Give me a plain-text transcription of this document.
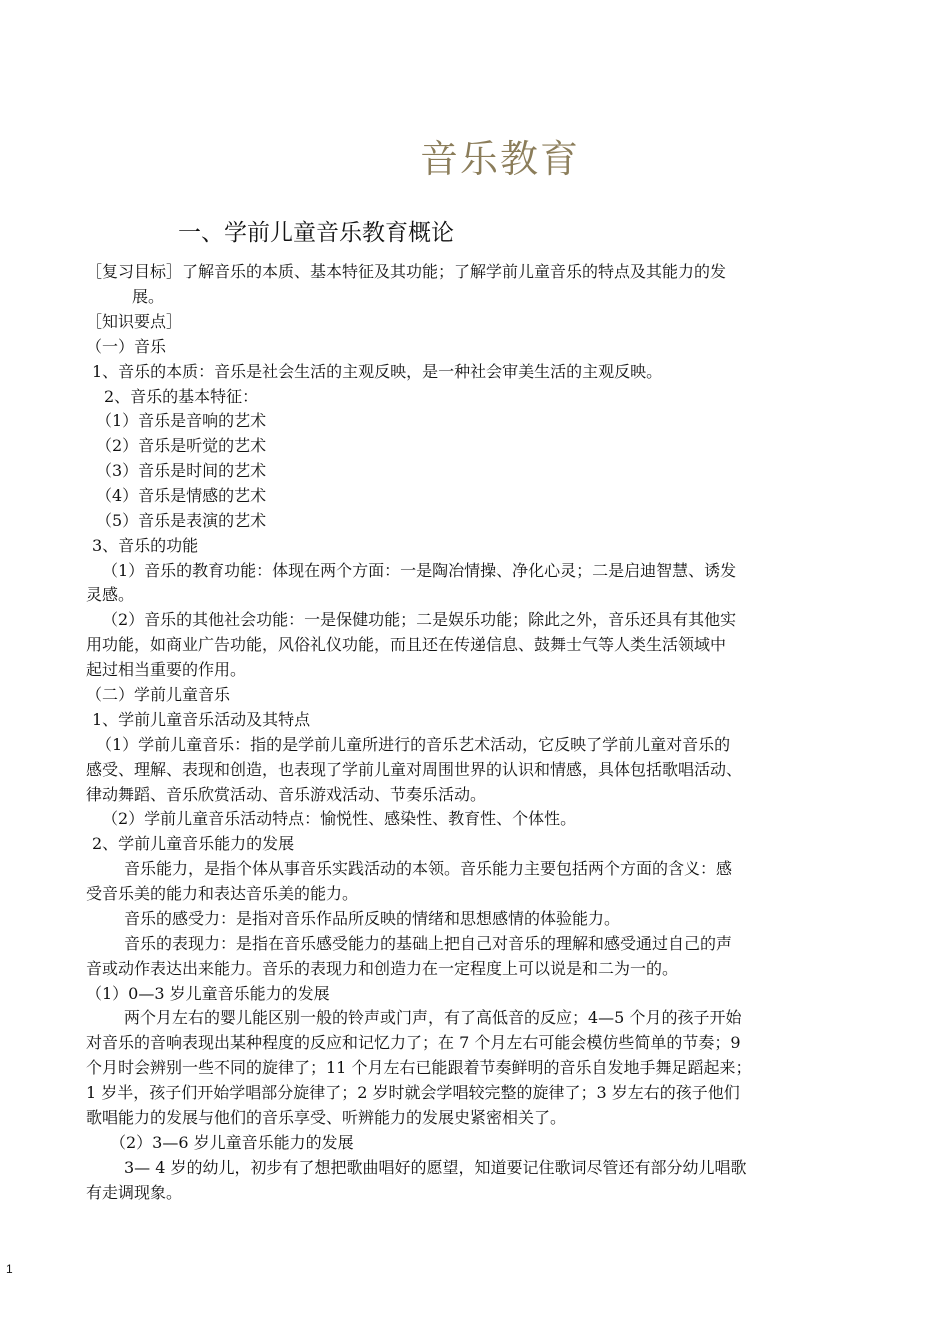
音乐教育
一、学前儿童音乐教育概论
［复习目标］了解音乐的本质、基本特征及其功能；了解学前儿童音乐的特点及其能力的发
展。
［知识要点］
（一）音乐
1、音乐的本质：音乐是社会生活的主观反映，是一种社会审美生活的主观反映。
2、音乐的基本特征：
（1）音乐是音响的艺术
（2）音乐是听觉的艺术
（3）音乐是时间的艺术
（4）音乐是情感的艺术
（5）音乐是表演的艺术
3、音乐的功能
（1）音乐的教育功能：体现在两个方面：一是陶冶情操、净化心灵；二是启迪智慧、诱发
灵感。
（2）音乐的其他社会功能：一是保健功能；二是娱乐功能；除此之外，音乐还具有其他实
用功能，如商业广告功能，风俗礼仪功能，而且还在传递信息、鼓舞士气等人类生活领域中
起过相当重要的作用。
（二）学前儿童音乐
1、学前儿童音乐活动及其特点
（1）学前儿童音乐：指的是学前儿童所进行的音乐艺术活动，它反映了学前儿童对音乐的
感受、理解、表现和创造，也表现了学前儿童对周围世界的认识和情感，具体包括歌唱活动、
律动舞蹈、音乐欣赏活动、音乐游戏活动、节奏乐活动。
（2）学前儿童音乐活动特点：愉悦性、感染性、教育性、个体性。
2、学前儿童音乐能力的发展
音乐能力，是指个体从事音乐实践活动的本领。音乐能力主要包括两个方面的含义：感
受音乐美的能力和表达音乐美的能力。
音乐的感受力：是指对音乐作品所反映的情绪和思想感情的体验能力。
音乐的表现力：是指在音乐感受能力的基础上把自己对音乐的理解和感受通过自己的声
音或动作表达出来能力。音乐的表现力和创造力在一定程度上可以说是和二为一的。
（1）0—3 岁儿童音乐能力的发展
两个月左右的婴儿能区别一般的铃声或门声，有了高低音的反应；4—5 个月的孩子开始
对音乐的音响表现出某种程度的反应和记忆力了；在 7 个月左右可能会模仿些简单的节奏；9
个月时会辨别一些不同的旋律了；11 个月左右已能跟着节奏鲜明的音乐自发地手舞足蹈起来；
1 岁半，孩子们开始学唱部分旋律了；2 岁时就会学唱较完整的旋律了；3 岁左右的孩子他们
歌唱能力的发展与他们的音乐享受、听辨能力的发展史紧密相关了。
（2）3—6 岁儿童音乐能力的发展
3— 4 岁的幼儿，初步有了想把歌曲唱好的愿望，知道要记住歌词尽管还有部分幼儿唱歌
有走调现象。
1
